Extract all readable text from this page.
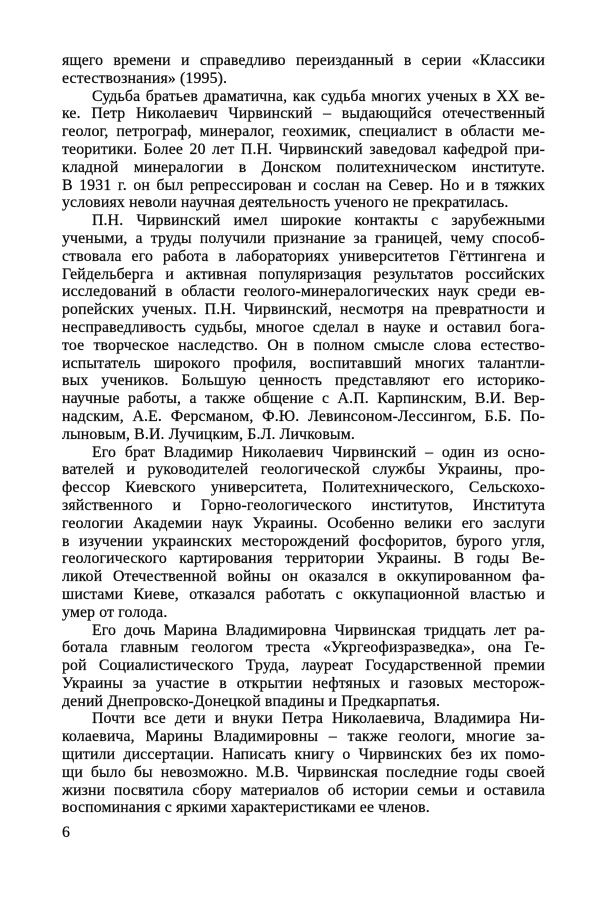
ящего времени и справедливо переизданный в серии «Классики
естествознания» (1995).
Судьба братьев драматична, как судьба многих ученых в XX ве-
ке. Петр Николаевич Чирвинский – выдающийся отечественный
геолог, петрограф, минералог, геохимик, специалист в области ме-
теоритики. Более 20 лет П.Н. Чирвинский заведовал кафедрой при-
кладной минералогии в Донском политехническом институте.
В 1931 г. он был репрессирован и сослан на Север. Но и в тяжких
условиях неволи научная деятельность ученого не прекратилась.
П.Н. Чирвинский имел широкие контакты с зарубежными
учеными, а труды получили признание за границей, чему способ-
ствовала его работа в лабораториях университетов Гёттингена и
Гейдельберга и активная популяризация результатов российских
исследований в области геолого-минералогических наук среди ев-
ропейских ученых. П.Н. Чирвинский, несмотря на превратности и
несправедливость судьбы, многое сделал в науке и оставил бога-
тое творческое наследство. Он в полном смысле слова естество-
испытатель широкого профиля, воспитавший многих талантли-
вых учеников. Большую ценность представляют его историко-
научные работы, а также общение с А.П. Карпинским, В.И. Вер-
надским, А.Е. Ферсманом, Ф.Ю. Левинсоном-Лессингом, Б.Б. По-
лыновым, В.И. Лучицким, Б.Л. Личковым.
Его брат Владимир Николаевич Чирвинский – один из осно-
вателей и руководителей геологической службы Украины, про-
фессор Киевского университета, Политехнического, Сельскохо-
зяйственного и Горно-геологического институтов, Института
геологии Академии наук Украины. Особенно велики его заслуги
в изучении украинских месторождений фосфоритов, бурого угля,
геологического картирования территории Украины. В годы Ве-
ликой Отечественной войны он оказался в оккупированном фа-
шистами Киеве, отказался работать с оккупационной властью и
умер от голода.
Его дочь Марина Владимировна Чирвинская тридцать лет ра-
ботала главным геологом треста «Укргеофизразведка», она Ге-
рой Социалистического Труда, лауреат Государственной премии
Украины за участие в открытии нефтяных и газовых месторож-
дений Днепровско-Донецкой впадины и Предкарпатья.
Почти все дети и внуки Петра Николаевича, Владимира Ни-
колаевича, Марины Владимировны – также геологи, многие за-
щитили диссертации. Написать книгу о Чирвинских без их помо-
щи было бы невозможно. М.В. Чирвинская последние годы своей
жизни посвятила сбору материалов об истории семьи и оставила
воспоминания с яркими характеристиками ее членов.
6
